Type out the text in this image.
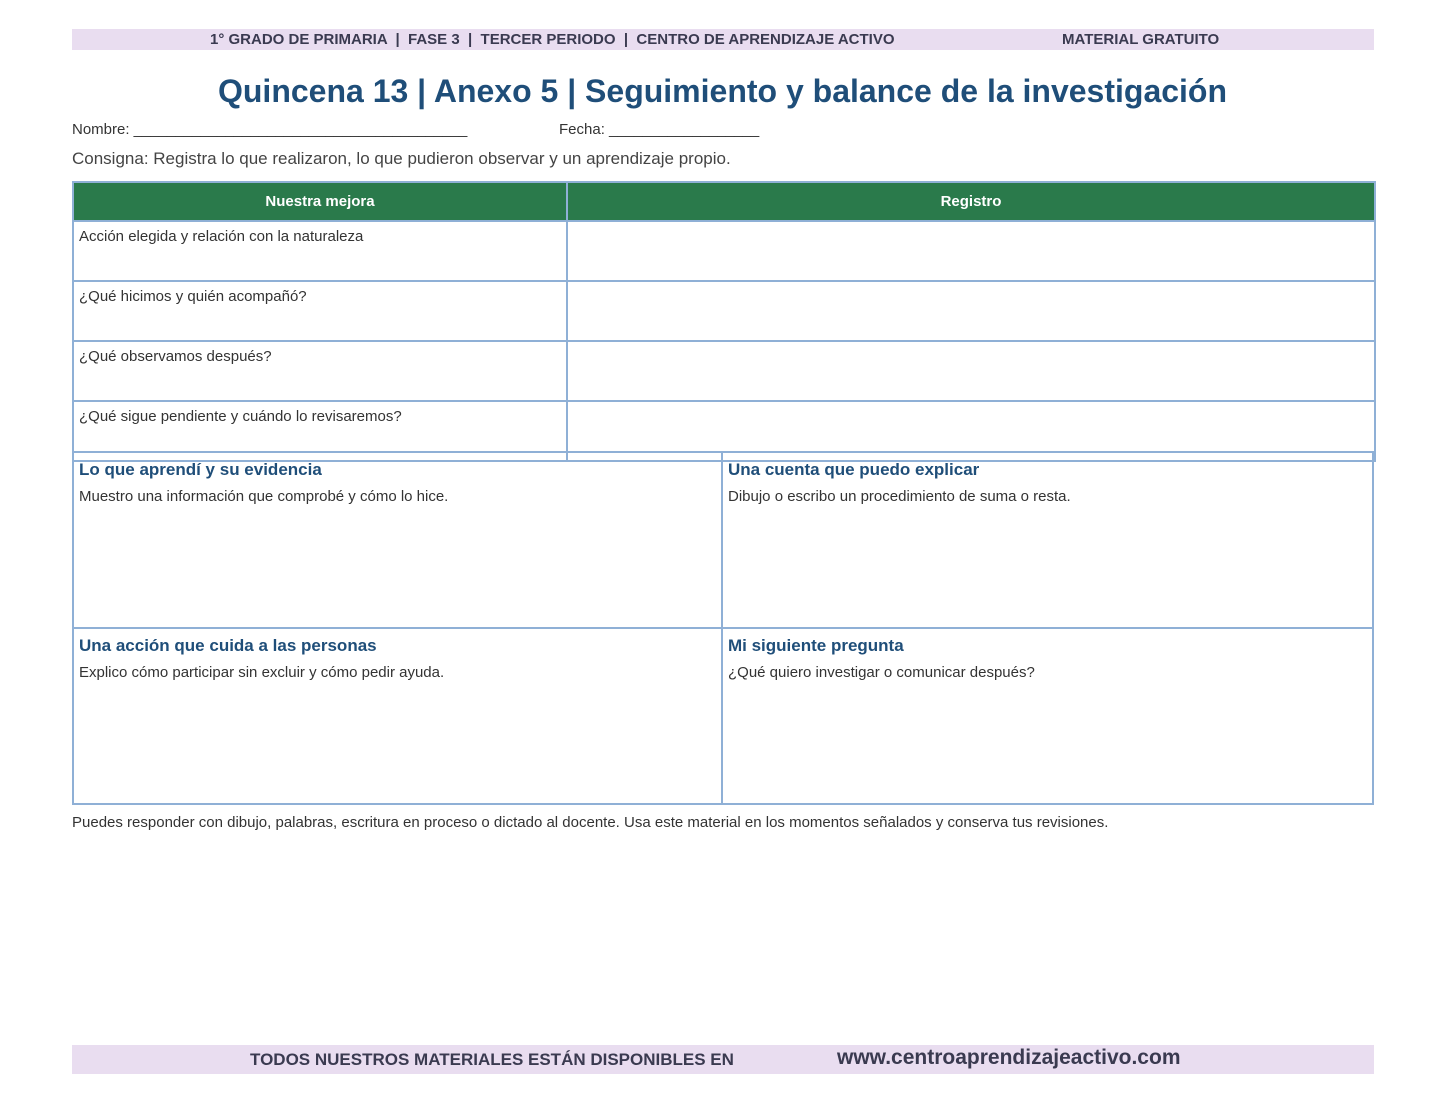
1° GRADO DE PRIMARIA  |  FASE 3  |  TERCER PERIODO  |  CENTRO DE APRENDIZAJE ACTIVO	MATERIAL GRATUITO
Quincena 13 | Anexo 5 | Seguimiento y balance de la investigación
Nombre: ________________________________________	Fecha: __________________
Consigna: Registra lo que realizaron, lo que pudieron observar y un aprendizaje propio.
Nuestra mejora	Registro
Acción elegida y relación con la naturaleza	
¿Qué hicimos y quién acompañó?	
¿Qué observamos después?	
¿Qué sigue pendiente y cuándo lo revisaremos?	
Lo que aprendí y su evidencia
Muestro una información que comprobé y cómo lo hice.
Una cuenta que puedo explicar
Dibujo o escribo un procedimiento de suma o resta.
Una acción que cuida a las personas
Explico cómo participar sin excluir y cómo pedir ayuda.
Mi siguiente pregunta
¿Qué quiero investigar o comunicar después?
Puedes responder con dibujo, palabras, escritura en proceso o dictado al docente. Usa este material en los momentos señalados y conserva tus revisiones.
TODOS NUESTROS MATERIALES ESTÁN DISPONIBLES EN	www.centroaprendizajeactivo.com
